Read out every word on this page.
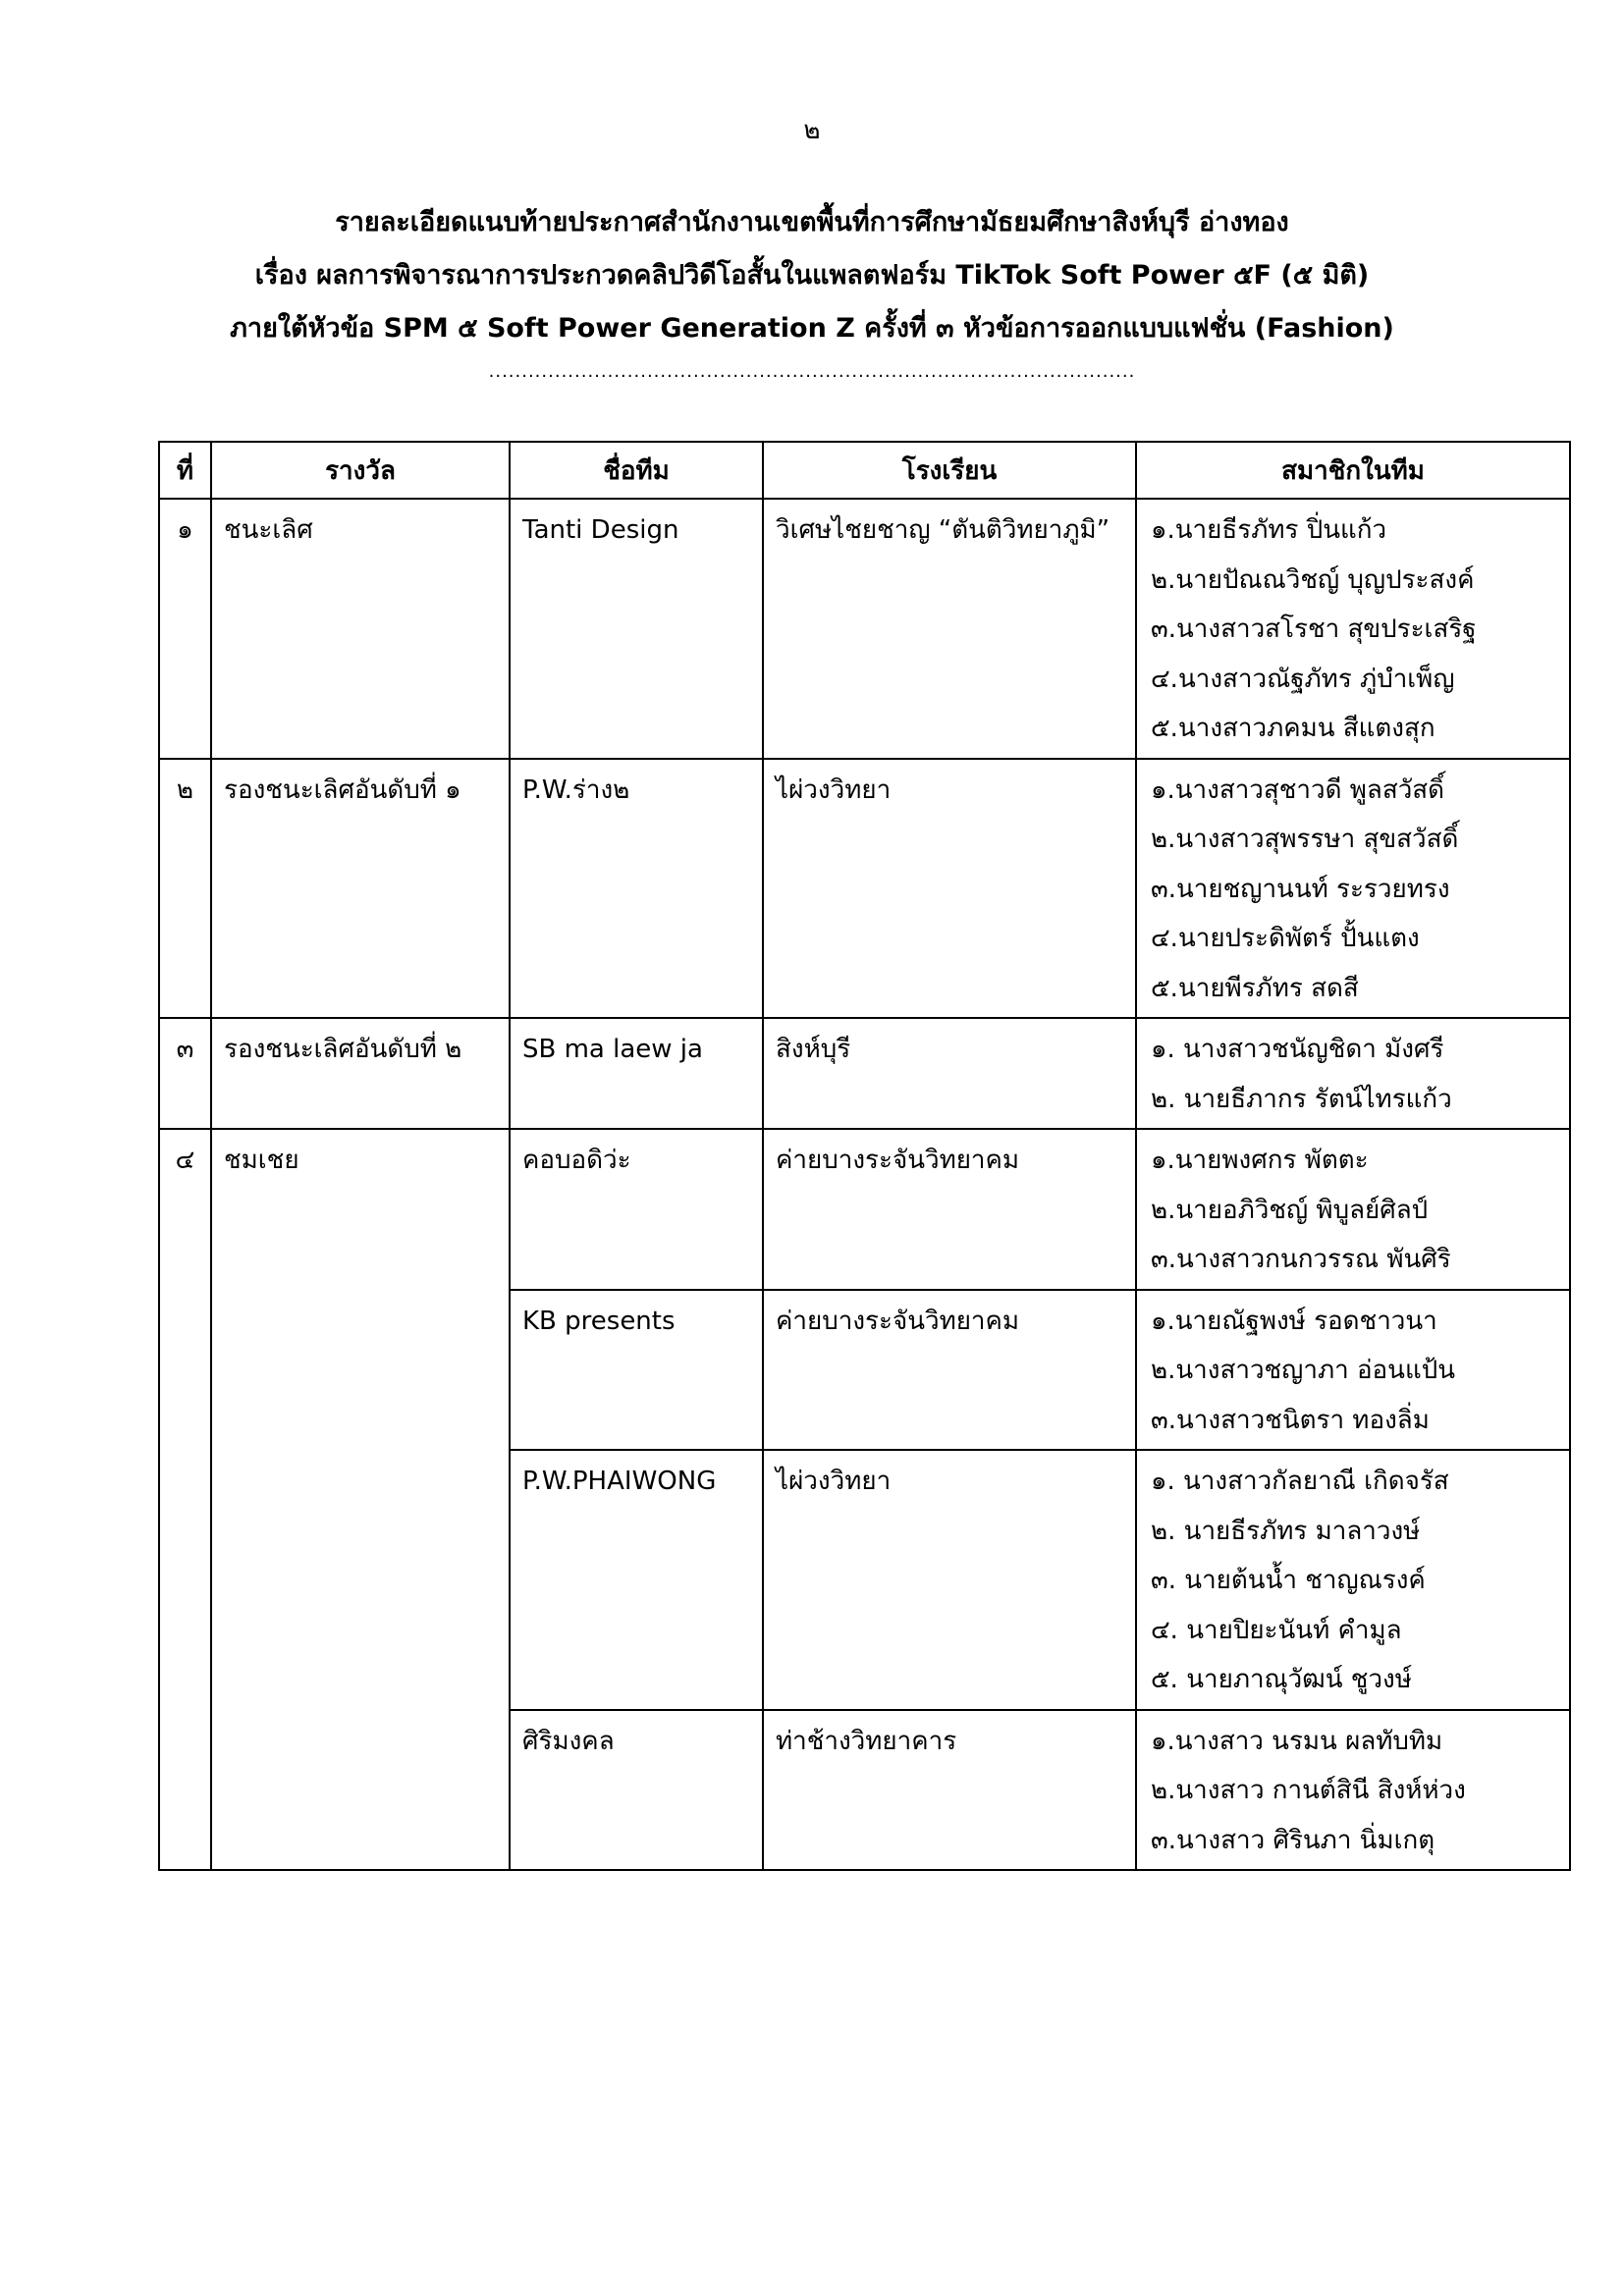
๒
รายละเอียดแนบท้ายประกาศสำนักงานเขตพื้นที่การศึกษามัธยมศึกษาสิงห์บุรี อ่างทอง
เรื่อง ผลการพิจารณาการประกวดคลิปวิดีโอสั้นในแพลตฟอร์ม TikTok Soft Power ๕F (๕ มิติ)
ภายใต้หัวข้อ SPM ๕ Soft Power Generation Z ครั้งที่ ๓ หัวข้อการออกแบบแฟชั่น (Fashion)
..................................................................................................
ที่	รางวัล	ชื่อทีม	โรงเรียน	สมาชิกในทีม
๑	ชนะเลิศ	Tanti Design	วิเศษไชยชาญ “ตันติวิทยาภูมิ”	๑.นายธีรภัทร ปิ่นแก้ว
๒.นายปัณณวิชญ์ บุญประสงค์
๓.นางสาวสโรชา สุขประเสริฐ
๔.นางสาวณัฐภัทร ภู่บำเพ็ญ
๕.นางสาวภคมน สีแตงสุก

๒	รองชนะเลิศอันดับที่ ๑	P.W.ร่าง๒	ไผ่วงวิทยา	๑.นางสาวสุชาวดี พูลสวัสดิ์
๒.นางสาวสุพรรษา สุขสวัสดิ์
๓.นายชญานนท์ ระรวยทรง
๔.นายประดิพัตร์ ปั้นแตง
๕.นายพีรภัทร สดสี

๓	รองชนะเลิศอันดับที่ ๒	SB ma laew ja	สิงห์บุรี	๑. นางสาวชนัญชิดา มังศรี
๒. นายธีภากร รัตน์ไทรแก้ว

๔	ชมเชย	คอบอดิว่ะ	ค่ายบางระจันวิทยาคม	๑.นายพงศกร พัตตะ
๒.นายอภิวิชญ์ พิบูลย์ศิลป์
๓.นางสาวกนกวรรณ พันศิริ

		KB presents	ค่ายบางระจันวิทยาคม	๑.นายณัฐพงษ์ รอดชาวนา
๒.นางสาวชญาภา อ่อนแป้น
๓.นางสาวชนิตรา ทองลิ่ม

		P.W.PHAIWONG	ไผ่วงวิทยา	๑. นางสาวกัลยาณี เกิดจรัส
๒. นายธีรภัทร มาลาวงษ์
๓. นายต้นน้ำ ชาญณรงค์
๔. นายปิยะนันท์ คำมูล
๕. นายภาณุวัฒน์ ชูวงษ์

		ศิริมงคล	ท่าช้างวิทยาคาร	๑.นางสาว นรมน ผลทับทิม
๒.นางสาว กานต์สินี สิงห์ห่วง
๓.นางสาว ศิรินภา นิ่มเกตุ
